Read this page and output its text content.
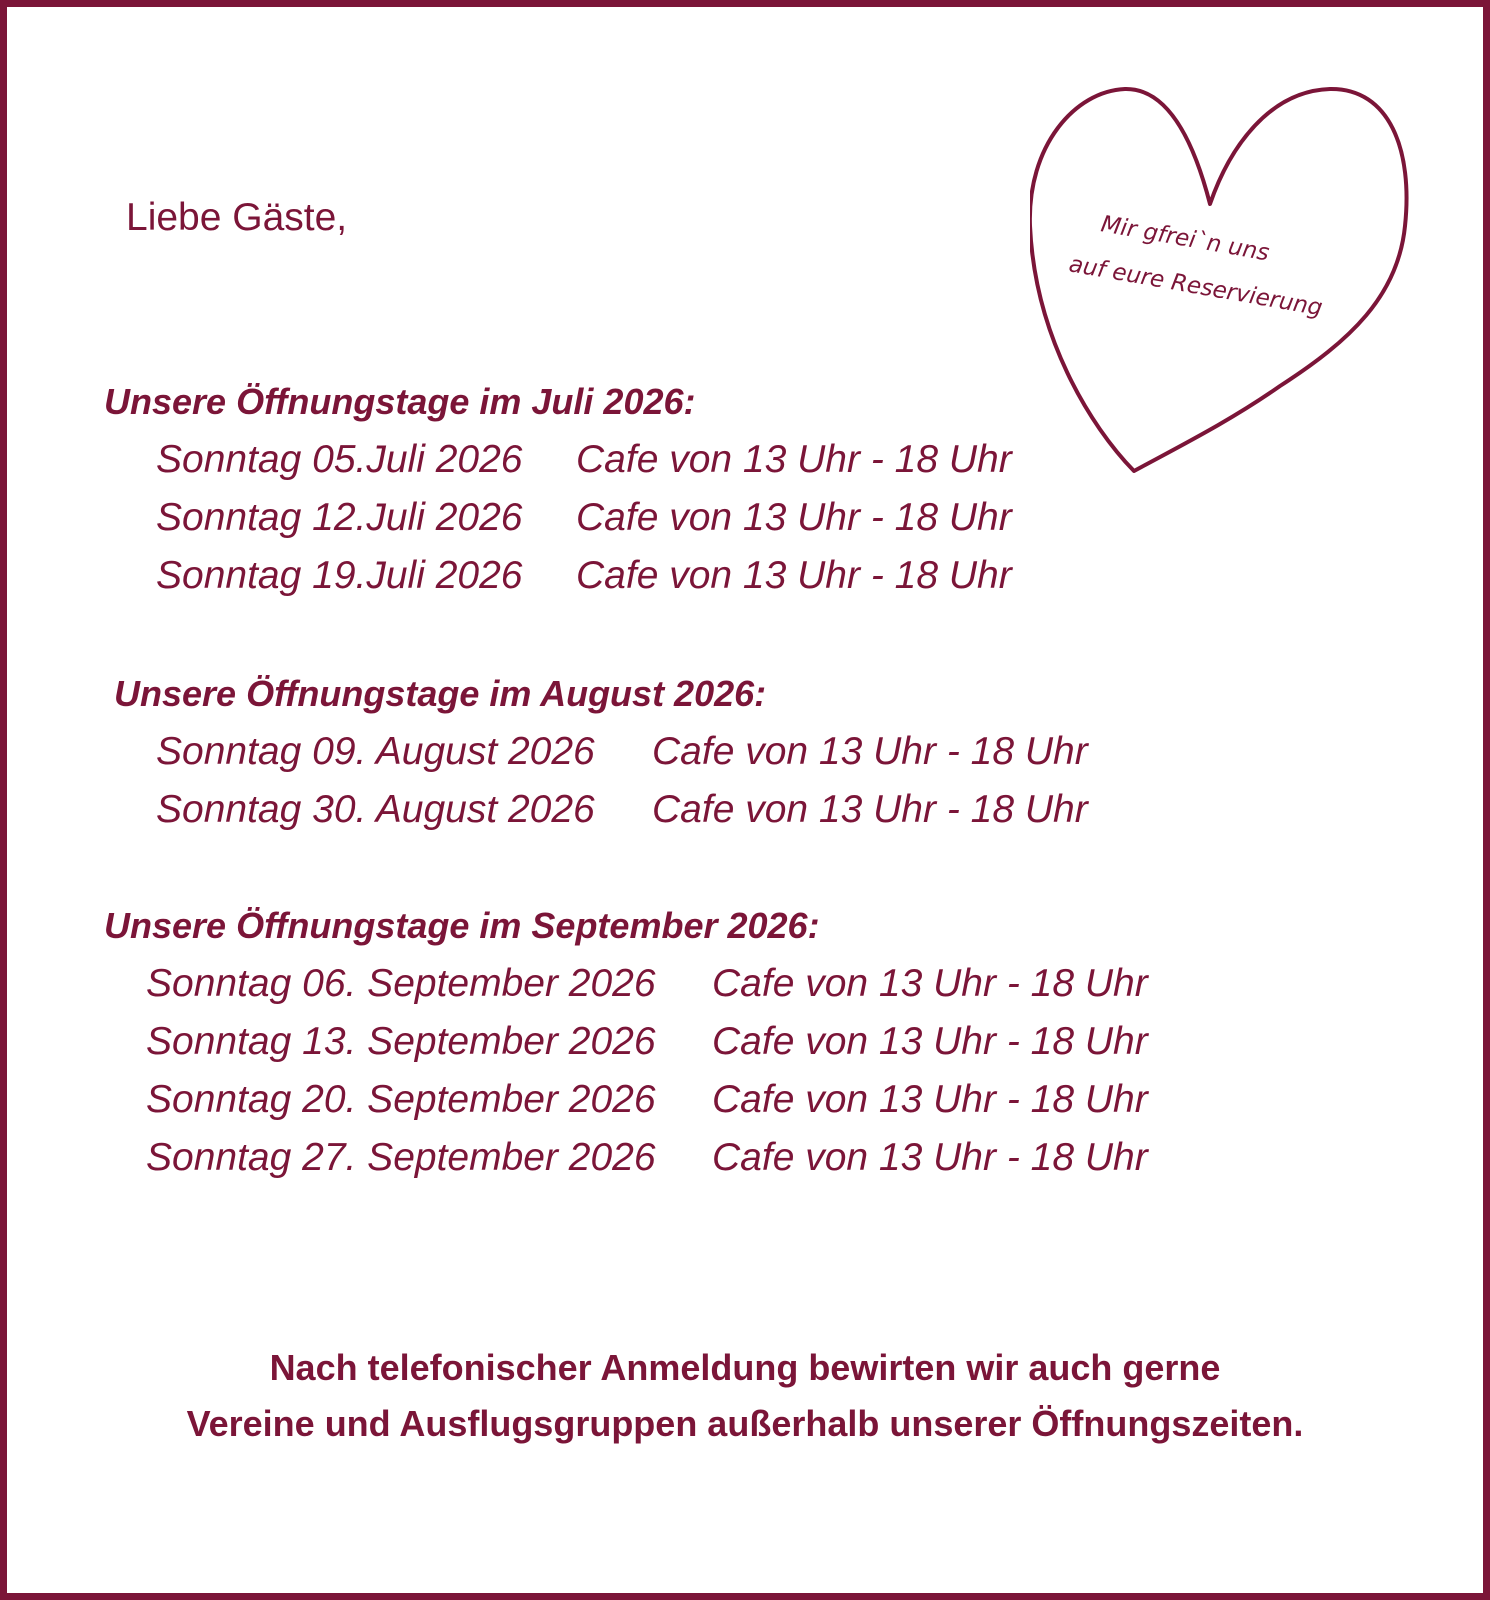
Liebe Gäste,	Mir gfrei`n uns
auf eure Reservierung
Unsere Öffnungstage im Juli 2026:
Sonntag 05.Juli 2026 Cafe von 13 Uhr - 18 Uhr
Sonntag 12.Juli 2026 Cafe von 13 Uhr - 18 Uhr
Sonntag 19.Juli 2026 Cafe von 13 Uhr - 18 Uhr
Unsere Öffnungstage im August 2026:
Sonntag 09. August 2026 Cafe von 13 Uhr - 18 Uhr
Sonntag 30. August 2026 Cafe von 13 Uhr - 18 Uhr
Unsere Öffnungstage im September 2026:
Sonntag 06. September 2026 Cafe von 13 Uhr - 18 Uhr
Sonntag 13. September 2026 Cafe von 13 Uhr - 18 Uhr
Sonntag 20. September 2026 Cafe von 13 Uhr - 18 Uhr
Sonntag 27. September 2026 Cafe von 13 Uhr - 18 Uhr
Nach telefonischer Anmeldung bewirten wir auch gerne
Vereine und Ausflugsgruppen außerhalb unserer Öffnungszeiten.
